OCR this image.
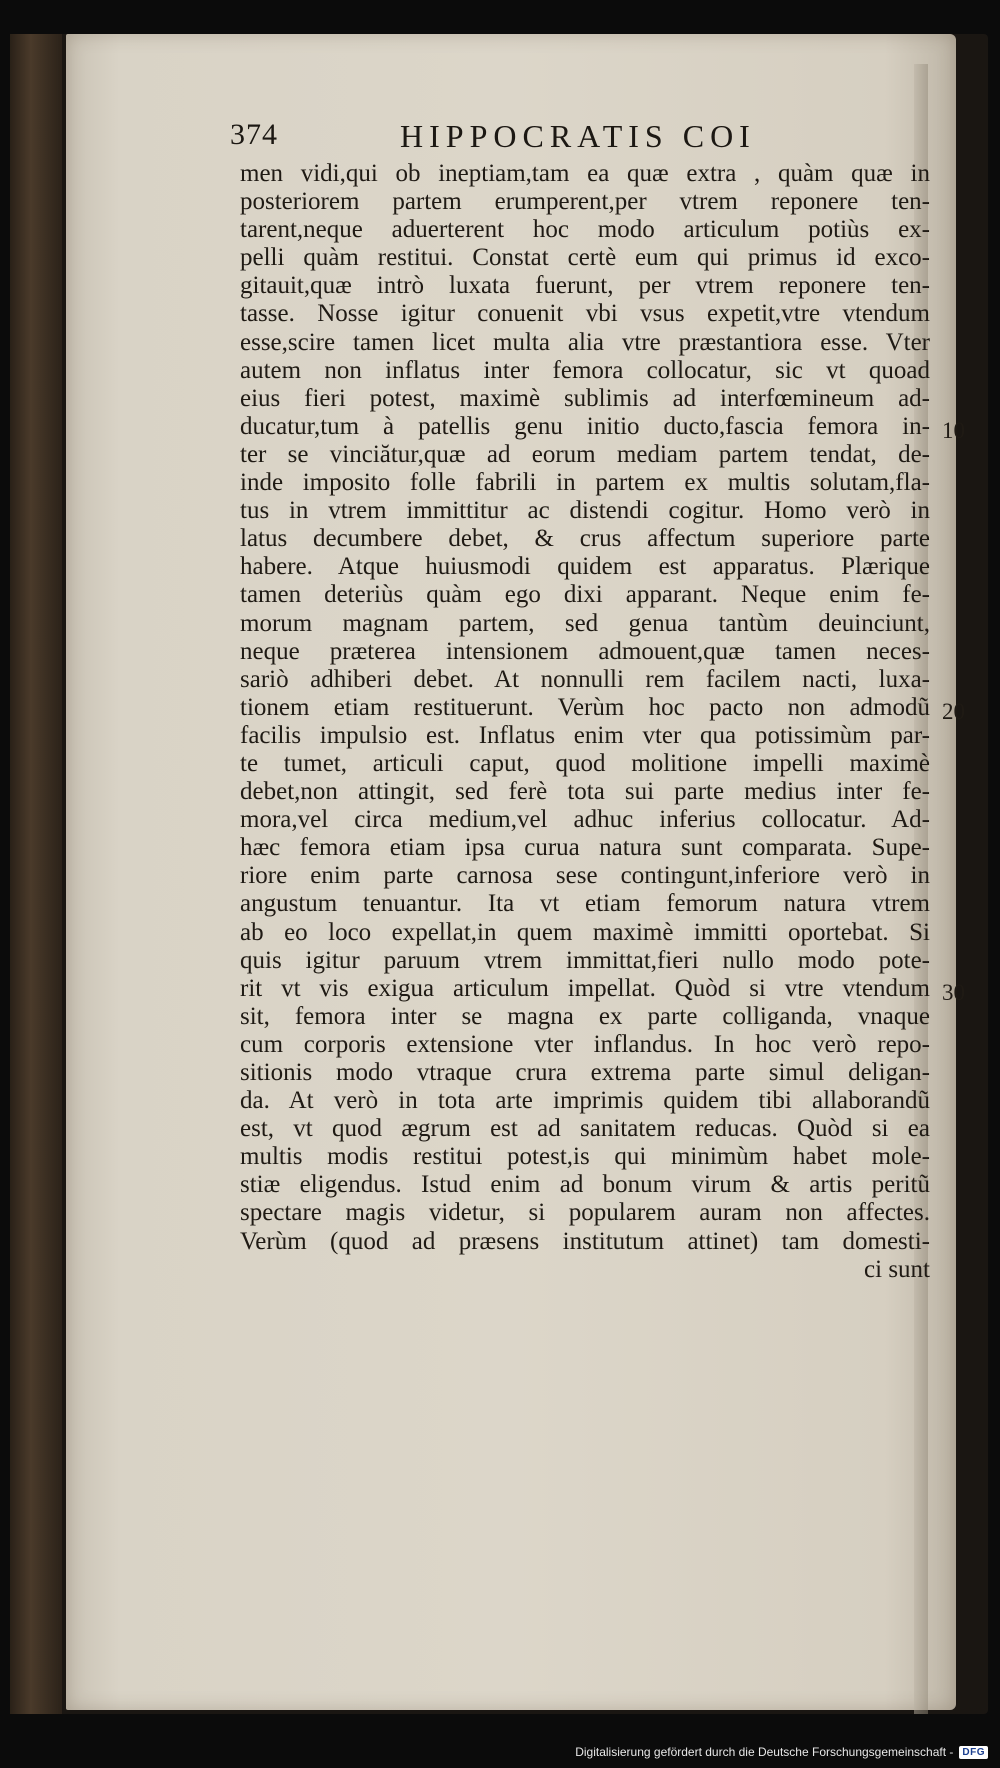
374	HIPPOCRATIS COI
men vidi,qui ob ineptiam,tam ea quæ extra , quàm quæ in
posteriorem partem erumperent,per vtrem reponere ten-
tarent,neque aduerterent hoc modo articulum potiùs ex-
pelli quàm restitui. Constat certè eum qui primus id exco-
gitauit,quæ intrò luxata fuerunt, per vtrem reponere ten-
tasse. Nosse igitur conuenit vbi vsus expetit,vtre vtendum
esse,scire tamen licet multa alia vtre præstantiora esse. Vter
autem non inflatus inter femora collocatur, sic vt quoad
eius fieri potest, maximè sublimis ad interfœmineum ad-
ducatur,tum à patellis genu initio ducto,fascia femora in-
ter se vinciătur,quæ ad eorum mediam partem tendat, de-
inde imposito folle fabrili in partem ex multis solutam,fla-
tus in vtrem immittitur ac distendi cogitur. Homo verò in
latus decumbere debet, & crus affectum superiore parte
habere. Atque huiusmodi quidem est apparatus. Plærique
tamen deteriùs quàm ego dixi apparant. Neque enim fe-
morum magnam partem, sed genua tantùm deuinciunt,
neque præterea intensionem admouent,quæ tamen neces-
sariò adhiberi debet. At nonnulli rem facilem nacti, luxa-
tionem etiam restituerunt. Verùm hoc pacto non admodũ
facilis impulsio est. Inflatus enim vter qua potissimùm par-
te tumet, articuli caput, quod molitione impelli maximè
debet,non attingit, sed ferè tota sui parte medius inter fe-
mora,vel circa medium,vel adhuc inferius collocatur. Ad-
hæc femora etiam ipsa curua natura sunt comparata. Supe-
riore enim parte carnosa sese contingunt,inferiore verò in
angustum tenuantur. Ita vt etiam femorum natura vtrem
ab eo loco expellat,in quem maximè immitti oportebat. Si
quis igitur paruum vtrem immittat,fieri nullo modo pote-
rit vt vis exigua articulum impellat. Quòd si vtre vtendum
sit, femora inter se magna ex parte colliganda, vnaque
cum corporis extensione vter inflandus. In hoc verò repo-
sitionis modo vtraque crura extrema parte simul deligan-
da. At verò in tota arte imprimis quidem tibi allaborandũ
est, vt quod ægrum est ad sanitatem reducas. Quòd si ea
multis modis restitui potest,is qui minimùm habet mole-
stiæ eligendus. Istud enim ad bonum virum & artis peritũ
spectare magis videtur, si popularem auram non affectes.
Verùm (quod ad præsens institutum attinet) tam domesti-
ci sunt
10
20
30
Digitalisierung gefördert durch die Deutsche Forschungsgemeinschaft - DFG
